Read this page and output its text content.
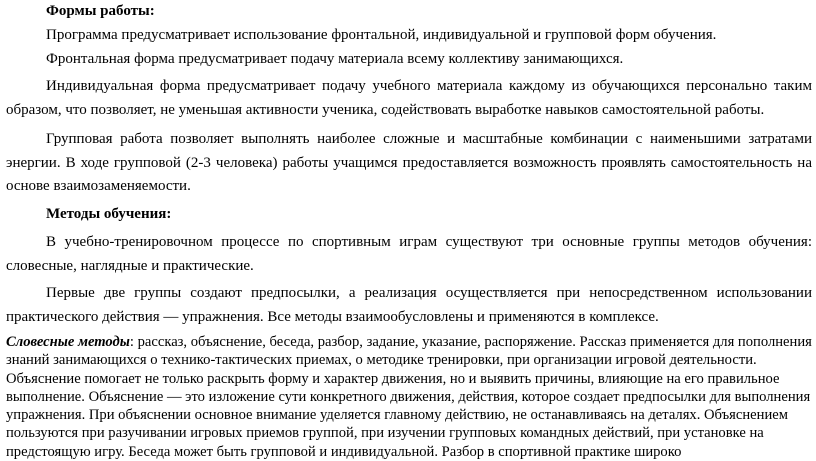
Формы работы:

Программа предусматривает использование фронтальной, индивидуальной и групповой форм обучения.

Фронтальная форма предусматривает подачу материала всему коллективу занимающихся.

Индивидуальная форма предусматривает подачу учебного материала каждому из обучающихся персонально таким образом, что позволяет, не уменьшая активности ученика, содействовать выработке навыков самостоятельной работы.

Групповая работа позволяет выполнять наиболее сложные и масштабные комбинации с наименьшими затратами энергии. В ходе групповой (2-3 человека) работы учащимся предоставляется возможность проявлять самостоятельность на основе взаимозаменяемости.

Методы обучения:

В учебно-тренировочном процессе по спортивным играм существуют три основные группы методов обучения: словесные, наглядные и практические.

Первые две группы создают предпосылки, а реализация осуществляется при непосредственном использовании практического действия — упражнения. Все методы взаимообусловлены и применяются в комплексе.

Словесные методы: рассказ, объяснение, беседа, разбор, задание, указание, распоряжение. Рассказ применяется для пополнения знаний занимающихся о технико-тактических приемах, о методике тренировки, при организации игровой деятельности. Объяснение помогает не только раскрыть форму и характер движения, но и выявить причины, влияющие на его правильное выполнение. Объяснение — это изложение сути конкретного движения, действия, которое создает предпосылки для выполнения упражнения. При объяснении основное внимание уделяется главному действию, не останавливаясь на деталях. Объяснением пользуются при разучивании игровых приемов группой, при изучении групповых командных действий, при установке на предстоящую игру. Беседа может быть групповой и индивидуальной. Разбор в спортивной практике широко
